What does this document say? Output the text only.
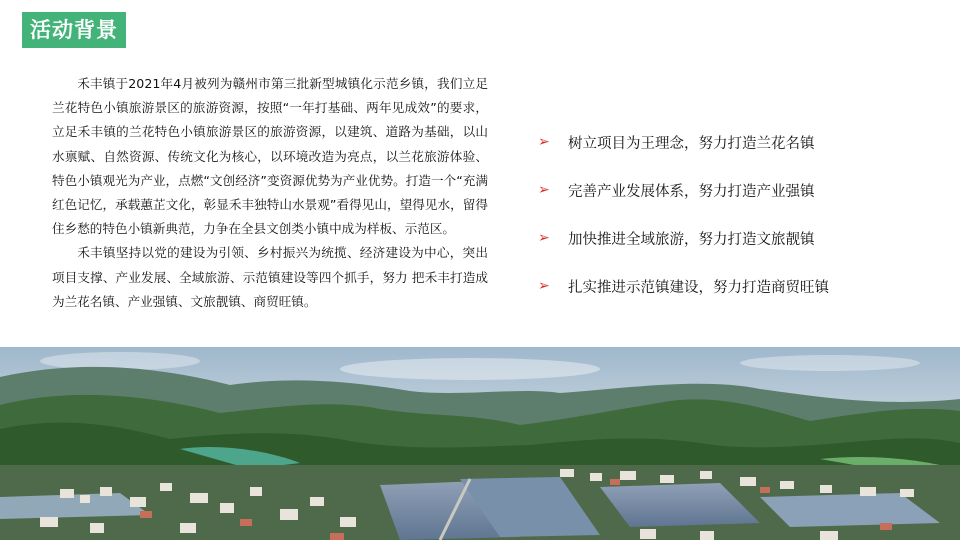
活动背景

禾丰镇于2021年4月被列为赣州市第三批新型城镇化示范乡镇，我们立足兰花特色小镇旅游景区的旅游资源，按照“一年打基础、两年见成效”的要求，立足禾丰镇的兰花特色小镇旅游景区的旅游资源，以建筑、道路为基础，以山水禀赋、自然资源、传统文化为核心，以环境改造为亮点，以兰花旅游体验、特色小镇观光为产业，点燃“文创经济”变资源优势为产业优势。打造一个“充满红色记忆，承载蕙芷文化，彰显禾丰独特山水景观”看得见山，望得见水，留得住乡愁的特色小镇新典范，力争在全县文创类小镇中成为样板、示范区。

禾丰镇坚持以党的建设为引领、乡村振兴为统揽、经济建设为中心，突出项目支撑、产业发展、全域旅游、示范镇建设等四个抓手，努力 把禾丰打造成为兰花名镇、产业强镇、文旅靓镇、商贸旺镇。

➢	树立项目为王理念，努力打造兰花名镇
➢	完善产业发展体系，努力打造产业强镇
➢	加快推进全域旅游，努力打造文旅靓镇
➢	扎实推进示范镇建设，努力打造商贸旺镇
